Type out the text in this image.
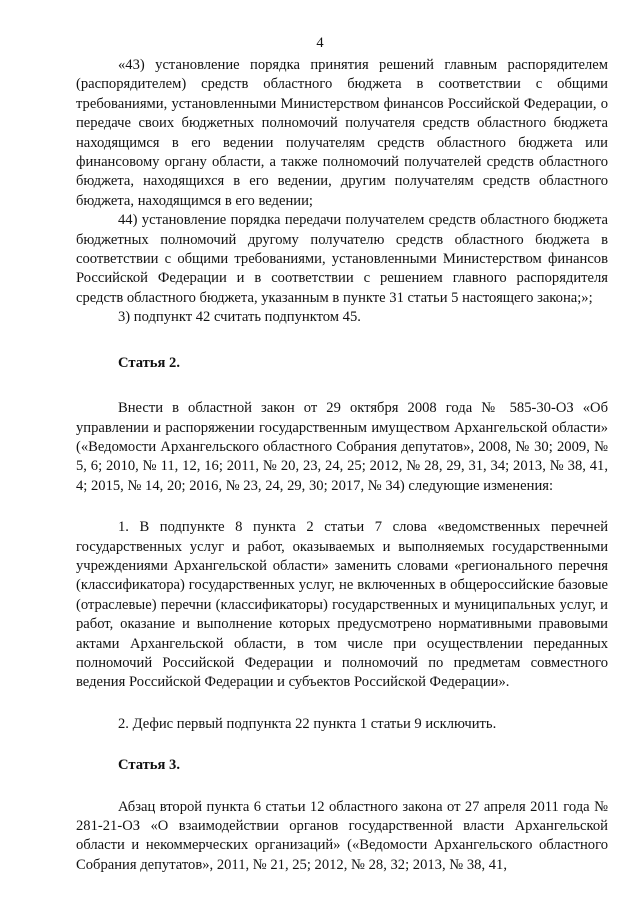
4

«43) установление порядка принятия решений главным распорядителем (распорядителем) средств областного бюджета в соответствии с общими требованиями, установленными Министерством финансов Российской Федерации, о передаче своих бюджетных полномочий получателя средств областного бюджета находящимся в его ведении получателям средств областного бюджета или финансовому органу области, а также полномочий получателей средств областного бюджета, находящихся в его ведении, другим получателям средств областного бюджета, находящимся в его ведении;

44) установление порядка передачи получателем средств областного бюджета бюджетных полномочий другому получателю средств областного бюджета в соответствии с общими требованиями, установленными Министерством финансов Российской Федерации и в соответствии с решением главного распорядителя средств областного бюджета, указанным в пункте 31 статьи 5 настоящего закона;»;

3) подпункт 42 считать подпунктом 45.

Статья 2.

Внести в областной закон от 29 октября 2008 года № 585-30-ОЗ «Об управлении и распоряжении государственным имуществом Архангельской области» («Ведомости Архангельского областного Собрания депутатов», 2008, № 30; 2009, № 5, 6; 2010, № 11, 12, 16; 2011, № 20, 23, 24, 25; 2012, № 28, 29, 31, 34; 2013, № 38, 41, 4; 2015, № 14, 20; 2016, № 23, 24, 29, 30; 2017, № 34) следующие изменения:

1. В подпункте 8 пункта 2 статьи 7 слова «ведомственных перечней государственных услуг и работ, оказываемых и выполняемых государственными учреждениями Архангельской области» заменить словами «регионального перечня (классификатора) государственных услуг, не включенных в общероссийские базовые (отраслевые) перечни (классификаторы) государственных и муниципальных услуг, и работ, оказание и выполнение которых предусмотрено нормативными правовыми актами Архангельской области, в том числе при осуществлении переданных полномочий Российской Федерации и полномочий по предметам совместного ведения Российской Федерации и субъектов Российской Федерации».

2. Дефис первый подпункта 22 пункта 1 статьи 9 исключить.

Статья 3.

Абзац второй пункта 6 статьи 12 областного закона от 27 апреля 2011 года № 281-21-ОЗ «О взаимодействии органов государственной власти Архангельской области и некоммерческих организаций» («Ведомости Архангельского областного Собрания депутатов», 2011, № 21, 25; 2012, № 28, 32; 2013, № 38, 41,
